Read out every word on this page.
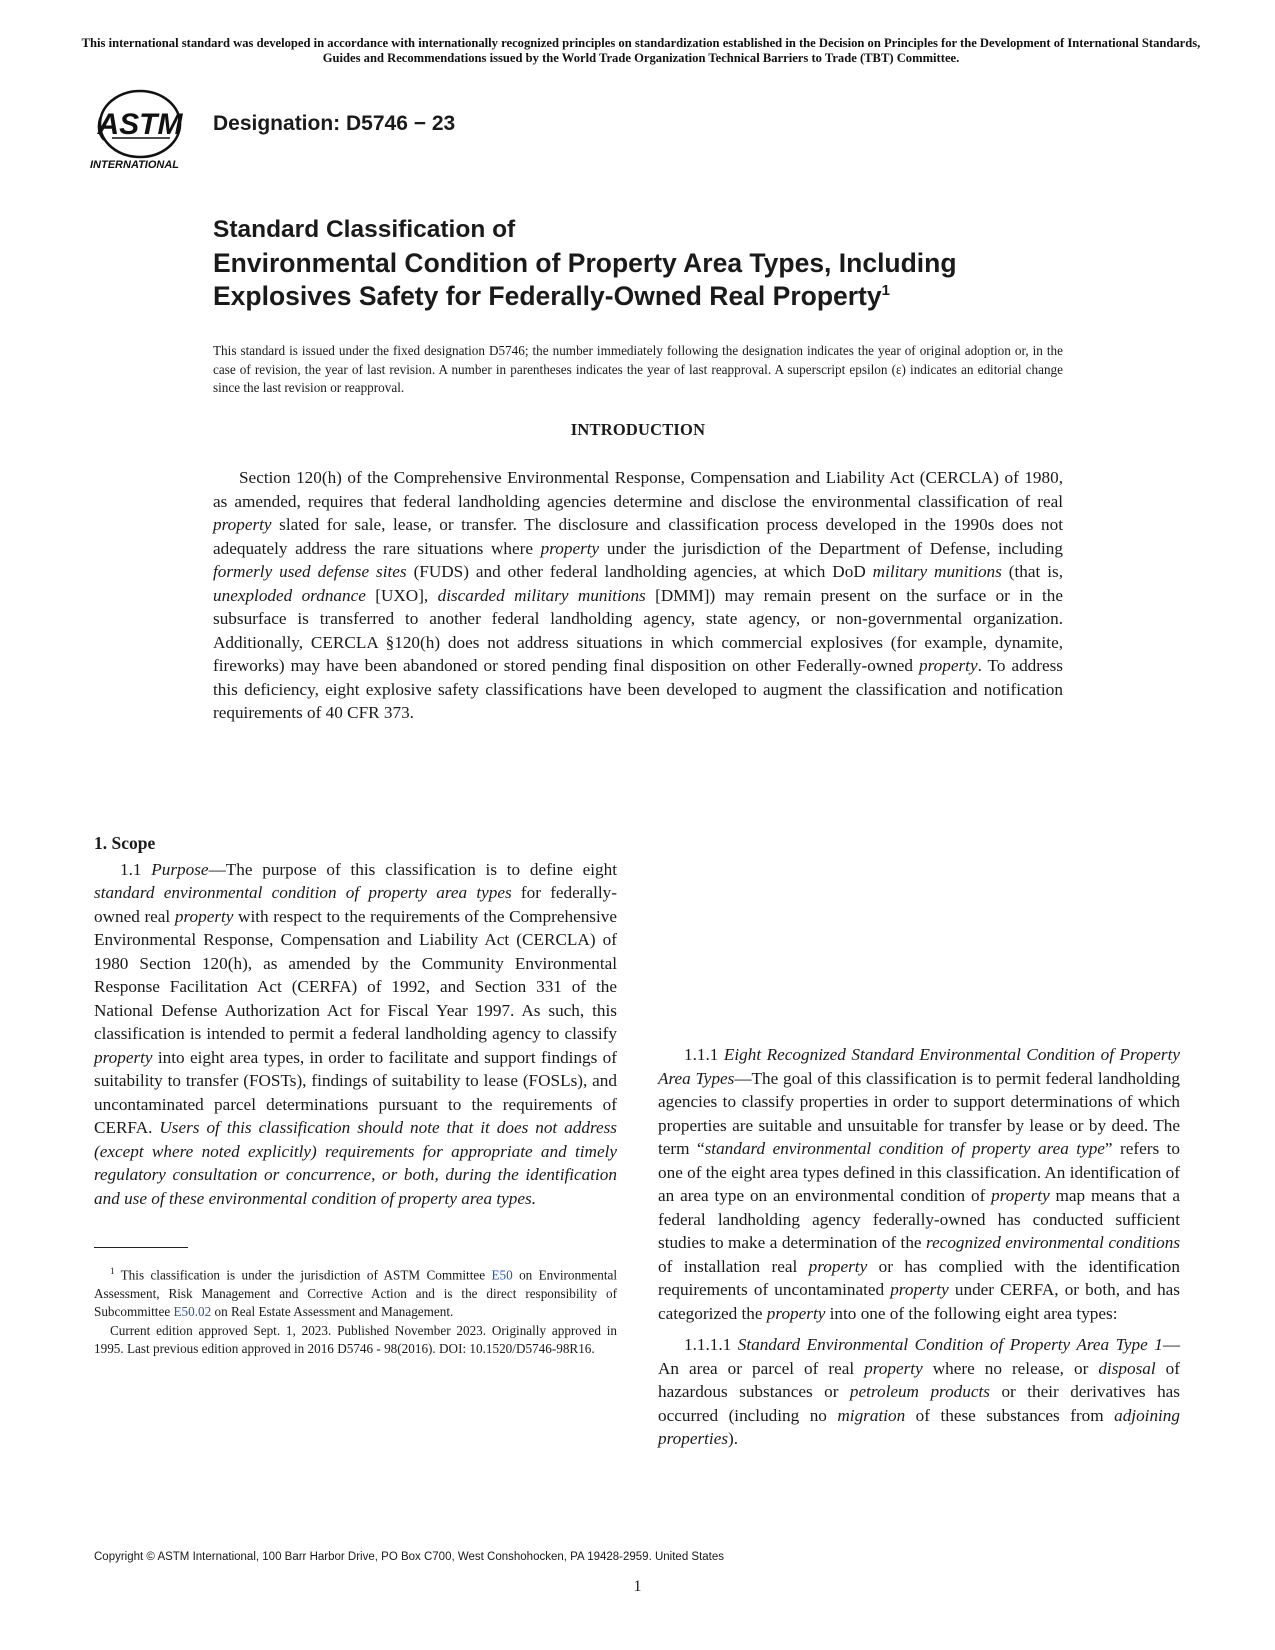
This international standard was developed in accordance with internationally recognized principles on standardization established in the Decision on Principles for the Development of International Standards, Guides and Recommendations issued by the World Trade Organization Technical Barriers to Trade (TBT) Committee.
ASTM
INTERNATIONAL
Designation: D5746 − 23
Standard Classification of
Environmental Condition of Property Area Types, Including
Explosives Safety for Federally-Owned Real Property$^1$
This standard is issued under the fixed designation D5746; the number immediately following the designation indicates the year of original adoption or, in the case of revision, the year of last revision. A number in parentheses indicates the year of last reapproval. A superscript epsilon (ε) indicates an editorial change since the last revision or reapproval.
INTRODUCTION
Section 120(h) of the Comprehensive Environmental Response, Compensation and Liability Act (CERCLA) of 1980, as amended, requires that federal landholding agencies determine and disclose the environmental classification of real property slated for sale, lease, or transfer. The disclosure and classification process developed in the 1990s does not adequately address the rare situations where property under the jurisdiction of the Department of Defense, including formerly used defense sites (FUDS) and other federal landholding agencies, at which DoD military munitions (that is, unexploded ordnance [UXO], discarded military munitions [DMM]) may remain present on the surface or in the subsurface is transferred to another federal landholding agency, state agency, or non-governmental organization. Additionally, CERCLA §120(h) does not address situations in which commercial explosives (for example, dynamite, fireworks) may have been abandoned or stored pending final disposition on other Federally-owned property. To address this deficiency, eight explosive safety classifications have been developed to augment the classification and notification requirements of 40 CFR 373.
1. Scope

1.1 Purpose—The purpose of this classification is to define eight standard environmental condition of property area types for federally-owned real property with respect to the requirements of the Comprehensive Environmental Response, Compensation and Liability Act (CERCLA) of 1980 Section 120(h), as amended by the Community Environmental Response Facilitation Act (CERFA) of 1992, and Section 331 of the National Defense Authorization Act for Fiscal Year 1997. As such, this classification is intended to permit a federal landholding agency to classify property into eight area types, in order to facilitate and support findings of suitability to transfer (FOSTs), findings of suitability to lease (FOSLs), and uncontaminated parcel determinations pursuant to the requirements of CERFA. Users of this classification should note that it does not address (except where noted explicitly) requirements for appropriate and timely regulatory consultation or concurrence, or both, during the identification and use of these environmental condition of property area types.

1.1.1 Eight Recognized Standard Environmental Condition of Property Area Types—The goal of this classification is to permit federal landholding agencies to classify properties in order to support determinations of which properties are suitable and unsuitable for transfer by lease or by deed. The term “standard environmental condition of property area type” refers to one of the eight area types defined in this classification. An identification of an area type on an environmental condition of property map means that a federal landholding agency federally-owned has conducted sufficient studies to make a determination of the recognized environmental conditions of installation real property or has complied with the identification requirements of uncontaminated property under CERFA, or both, and has categorized the property into one of the following eight area types:

1.1.1.1 Standard Environmental Condition of Property Area Type 1—An area or parcel of real property where no release, or disposal of hazardous substances or petroleum products or their derivatives has occurred (including no migration of these substances from adjoining properties).

$^1$ This classification is under the jurisdiction of ASTM Committee E50 on Environmental Assessment, Risk Management and Corrective Action and is the direct responsibility of Subcommittee E50.02 on Real Estate Assessment and Management.

Current edition approved Sept. 1, 2023. Published November 2023. Originally approved in 1995. Last previous edition approved in 2016 D5746 - 98(2016). DOI: 10.1520/D5746-98R16.

Copyright © ASTM International, 100 Barr Harbor Drive, PO Box C700, West Conshohocken, PA 19428-2959. United States
1
